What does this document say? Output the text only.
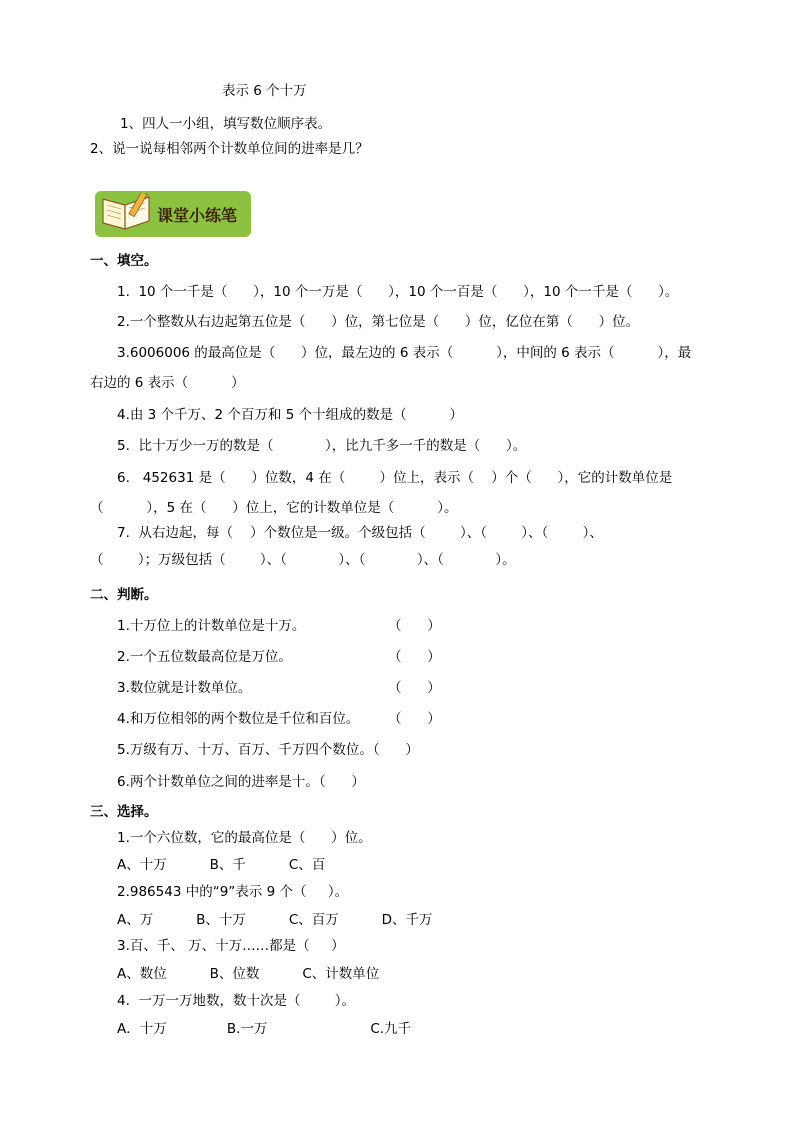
表示 6 个十万
1、四人一小组，填写数位顺序表。
2、说一说每相邻两个计数单位间的进率是几？
课堂小练笔
一、填空。
1.  10 个一千是（      ），10 个一万是（      ），10 个一百是（      ），10 个一千是（      ）。
2.一个整数从右边起第五位是（      ）位，第七位是（      ）位，亿位在第（      ）位。
3.6006006 的最高位是（      ）位，最左边的 6 表示（          ），中间的 6 表示（          ），最
右边的 6 表示（          ）
4.由 3 个千万、2 个百万和 5 个十组成的数是（          ）
5.  比十万少一万的数是（            ），比九千多一千的数是（      ）。
6.   452631 是（      ）位数，4 在（        ）位上，表示（    ）个（      ），它的计数单位是
（          ），5 在（      ）位上，它的计数单位是（          ）。
7.  从右边起，每（    ）个数位是一级。个级包括（        ）、（        ）、（        ）、
（        ）；万级包括（        ）、（            ）、（            ）、（            ）。
二、判断。
1.十万位上的计数单位是十万。	（      ）
2.一个五位数最高位是万位。	（      ）
3.数位就是计数单位。	（      ）
4.和万位相邻的两个数位是千位和百位。 （      ）
5.万级有万、十万、百万、千万四个数位。（      ）
6.两个计数单位之间的进率是十。（      ）
三、选择。
1.一个六位数，它的最高位是（      ）位。
A、十万          B、千          C、百
2.986543 中的“9”表示 9 个（     ）。
A、万          B、十万          C、百万          D、千万
3.百、千、 万、十万……都是（     ）
A、数位          B、位数          C、计数单位
4.  一万一万地数，数十次是（        ）。
A．十万              B.一万                        C.九千
